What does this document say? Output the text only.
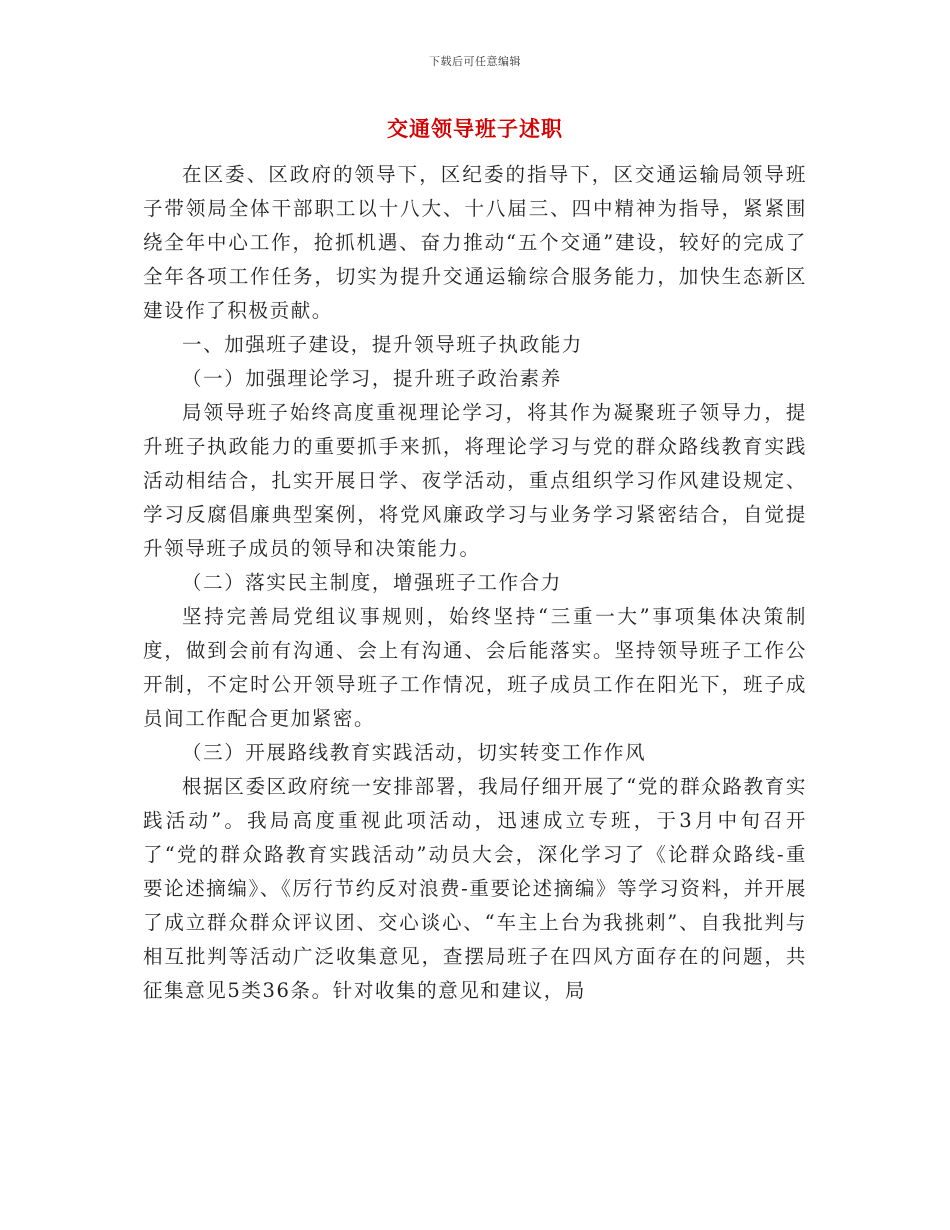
下载后可任意编辑
交通领导班子述职

在区委、区政府的领导下，区纪委的指导下，区交通运输局领导班子带领局全体干部职工以十八大、十八届三、四中精神为指导，紧紧围绕全年中心工作，抢抓机遇、奋力推动“五个交通”建设，较好的完成了全年各项工作任务，切实为提升交通运输综合服务能力，加快生态新区建设作了积极贡献。

一、加强班子建设，提升领导班子执政能力

（一）加强理论学习，提升班子政治素养

局领导班子始终高度重视理论学习，将其作为凝聚班子领导力，提升班子执政能力的重要抓手来抓，将理论学习与党的群众路线教育实践活动相结合，扎实开展日学、夜学活动，重点组织学习作风建设规定、学习反腐倡廉典型案例，将党风廉政学习与业务学习紧密结合，自觉提升领导班子成员的领导和决策能力。

（二）落实民主制度，增强班子工作合力

坚持完善局党组议事规则，始终坚持“三重一大”事项集体决策制度，做到会前有沟通、会上有沟通、会后能落实。坚持领导班子工作公开制，不定时公开领导班子工作情况，班子成员工作在阳光下，班子成员间工作配合更加紧密。

（三）开展路线教育实践活动，切实转变工作作风

根据区委区政府统一安排部署，我局仔细开展了“党的群众路教育实践活动”。我局高度重视此项活动，迅速成立专班，于3月中旬召开了“党的群众路教育实践活动”动员大会，深化学习了《论群众路线-重要论述摘编》、《厉行节约反对浪费-重要论述摘编》等学习资料，并开展了成立群众群众评议团、交心谈心、“车主上台为我挑刺”、自我批判与相互批判等活动广泛收集意见，查摆局班子在四风方面存在的问题，共征集意见5类36条。针对收集的意见和建议，局
